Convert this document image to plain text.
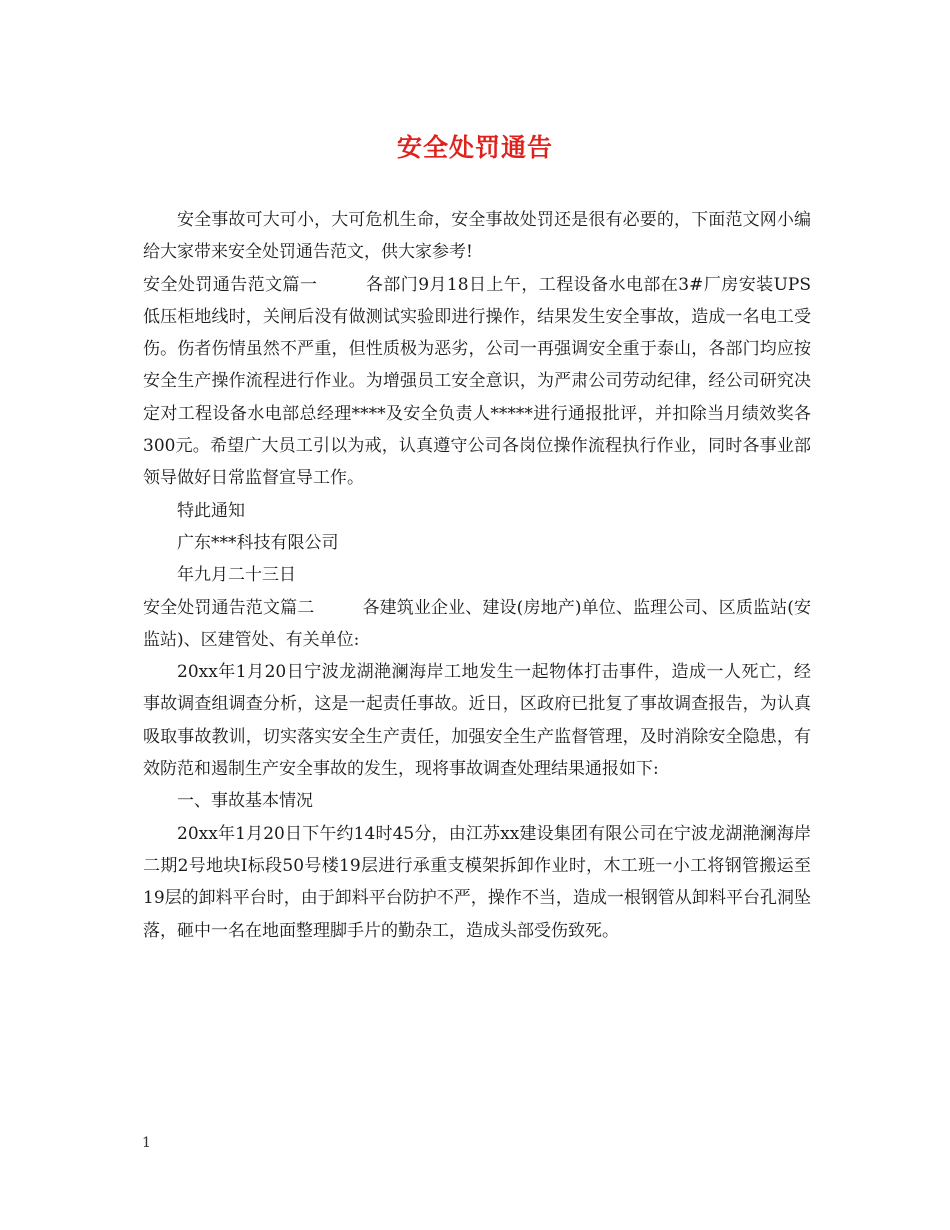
安全处罚通告

安全事故可大可小，大可危机生命，安全事故处罚还是很有必要的，下面范文网小编给大家带来安全处罚通告范文，供大家参考!

安全处罚通告范文篇一	各部门9月18日上午，工程设备水电部在3#厂房安装UPS低压柜地线时，关闸后没有做测试实验即进行操作，结果发生安全事故，造成一名电工受伤。伤者伤情虽然不严重，但性质极为恶劣，公司一再强调安全重于泰山，各部门均应按安全生产操作流程进行作业。为增强员工安全意识，为严肃公司劳动纪律，经公司研究决定对工程设备水电部总经理****及安全负责人*****进行通报批评，并扣除当月绩效奖各300元。希望广大员工引以为戒，认真遵守公司各岗位操作流程执行作业，同时各事业部领导做好日常监督宣导工作。

特此通知

广东***科技有限公司

年九月二十三日

安全处罚通告范文篇二	各建筑业企业、建设(房地产)单位、监理公司、区质监站(安监站)、区建管处、有关单位:

20xx年1月20日宁波龙湖滟澜海岸工地发生一起物体打击事件，造成一人死亡，经事故调查组调查分析，这是一起责任事故。近日，区政府已批复了事故调查报告，为认真吸取事故教训，切实落实安全生产责任，加强安全生产监督管理，及时消除安全隐患，有效防范和遏制生产安全事故的发生，现将事故调查处理结果通报如下:

一、事故基本情况

20xx年1月20日下午约14时45分，由江苏xx建设集团有限公司在宁波龙湖滟澜海岸二期2号地块I标段50号楼19层进行承重支模架拆卸作业时，木工班一小工将钢管搬运至19层的卸料平台时，由于卸料平台防护不严，操作不当，造成一根钢管从卸料平台孔洞坠落，砸中一名在地面整理脚手片的勤杂工，造成头部受伤致死。

1
